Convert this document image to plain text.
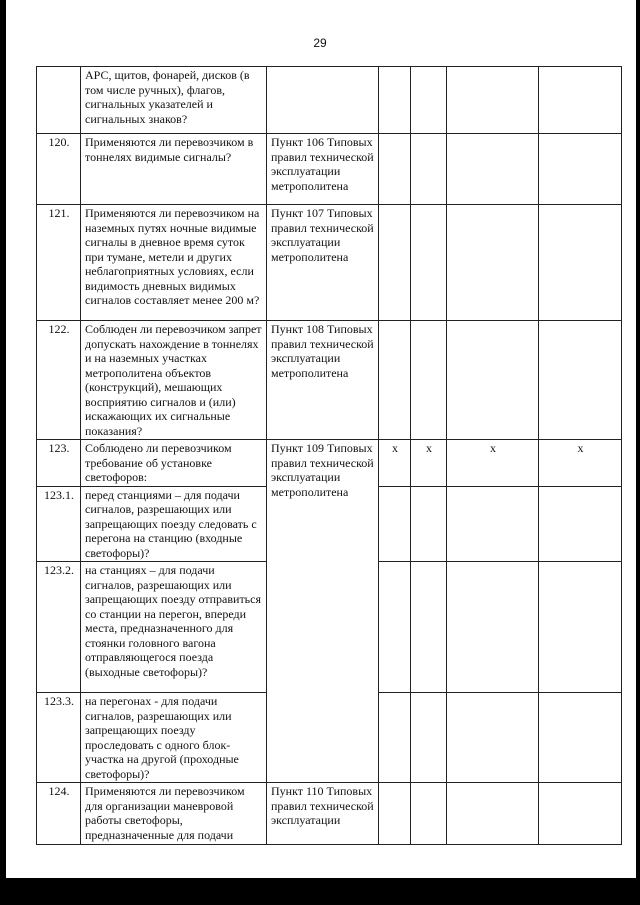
29
	АРС, щитов, фонарей, дисков (в том числе ручных), флагов, сигнальных указателей и сигнальных знаков?					
120.	Применяются ли перевозчиком в тоннелях видимые сигналы?	Пункт 106 Типовых правил технической эксплуатации метрополитена				
121.	Применяются ли перевозчиком на наземных путях ночные видимые сигналы в дневное время суток при тумане, метели и других неблагоприятных условиях, если видимость дневных видимых сигналов составляет менее 200 м?	Пункт 107 Типовых правил технической эксплуатации метрополитена				
122.	Соблюден ли перевозчиком запрет допускать нахождение в тоннелях и на наземных участках метрополитена объектов (конструкций), мешающих восприятию сигналов и (или) искажающих их сигнальные показания?	Пункт 108 Типовых правил технической эксплуатации метрополитена				
123.	Соблюдено ли перевозчиком требование об установке светофоров:	Пункт 109 Типовых правил технической эксплуатации метрополитена	x	x	x	x
123.1.	перед станциями – для подачи сигналов, разрешающих или запрещающих поезду следовать с перегона на станцию (входные светофоры)?					
123.2.	на станциях – для подачи сигналов, разрешающих или запрещающих поезду отправиться со станции на перегон, впереди места, предназначенного для стоянки головного вагона отправляющегося поезда (выходные светофоры)?					
123.3.	на перегонах - для подачи сигналов, разрешающих или запрещающих поезду проследовать с одного блок-участка на другой (проходные светофоры)?					
124.	Применяются ли перевозчиком для организации маневровой работы светофоры, предназначенные для подачи	Пункт 110 Типовых правил технической эксплуатации				
